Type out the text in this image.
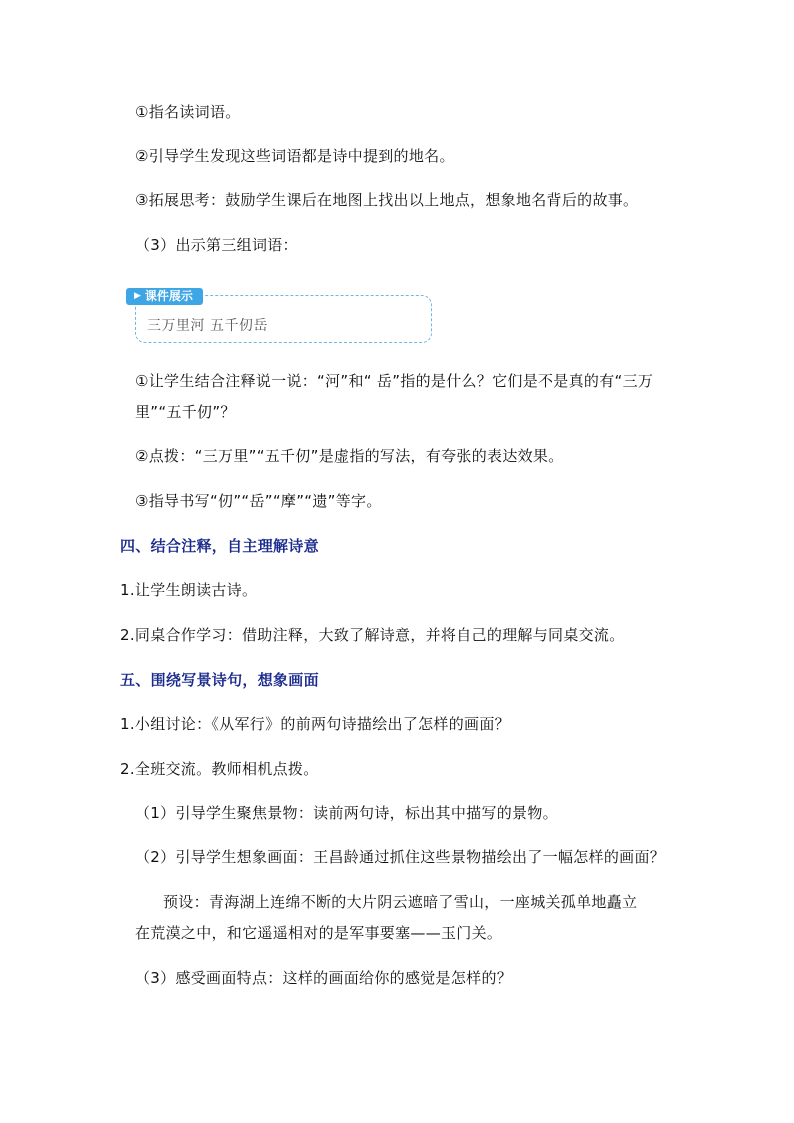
①指名读词语。
②引导学生发现这些词语都是诗中提到的地名。
③拓展思考：鼓励学生课后在地图上找出以上地点，想象地名背后的故事。
（3）出示第三组词语：
▶ 课件展示
三万里河 五千仞岳
①让学生结合注释说一说：“河”和“ 岳”指的是什么？它们是不是真的有“三万
里”“五千仞”？
②点拨：“三万里”“五千仞”是虚指的写法，有夸张的表达效果。
③指导书写“仞”“岳”“摩”“遗”等字。
四、结合注释，自主理解诗意
1.让学生朗读古诗。
2.同桌合作学习：借助注释，大致了解诗意，并将自己的理解与同桌交流。
五、围绕写景诗句，想象画面
1.小组讨论：《从军行》的前两句诗描绘出了怎样的画面？
2.全班交流。教师相机点拨。
（1）引导学生聚焦景物：读前两句诗，标出其中描写的景物。
（2）引导学生想象画面：王昌龄通过抓住这些景物描绘出了一幅怎样的画面？
预设：青海湖上连绵不断的大片阴云遮暗了雪山，一座城关孤单地矗立
在荒漠之中，和它遥遥相对的是军事要塞——玉门关。
（3）感受画面特点：这样的画面给你的感觉是怎样的？
